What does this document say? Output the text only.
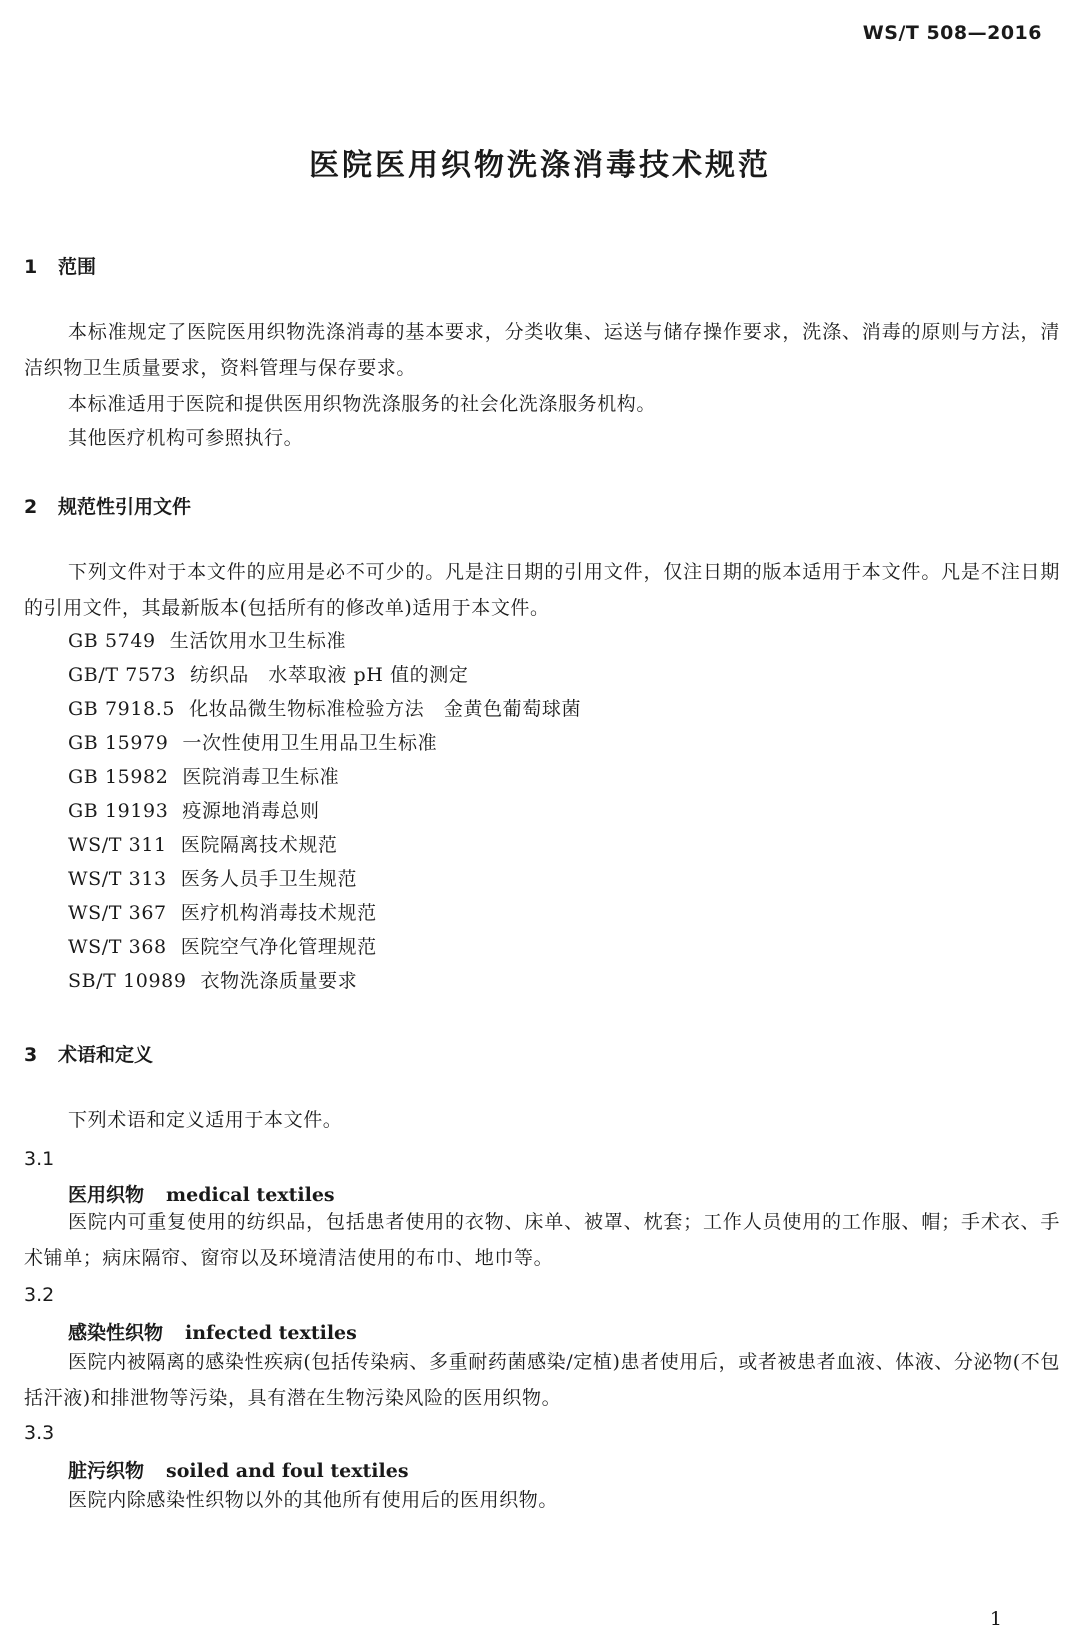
WS/T 508—2016
医院医用织物洗涤消毒技术规范
1 范围
本标准规定了医院医用织物洗涤消毒的基本要求，分类收集、运送与储存操作要求，洗涤、消毒的原则与方法，清洁织物卫生质量要求，资料管理与保存要求。
本标准适用于医院和提供医用织物洗涤服务的社会化洗涤服务机构。
其他医疗机构可参照执行。
2 规范性引用文件
下列文件对于本文件的应用是必不可少的。凡是注日期的引用文件，仅注日期的版本适用于本文件。凡是不注日期的引用文件，其最新版本(包括所有的修改单)适用于本文件。
GB 5749 生活饮用水卫生标准
GB/T 7573 纺织品　水萃取液 pH 值的测定
GB 7918.5 化妆品微生物标准检验方法　金黄色葡萄球菌
GB 15979 一次性使用卫生用品卫生标准
GB 15982 医院消毒卫生标准
GB 19193 疫源地消毒总则
WS/T 311 医院隔离技术规范
WS/T 313 医务人员手卫生规范
WS/T 367 医疗机构消毒技术规范
WS/T 368 医院空气净化管理规范
SB/T 10989 衣物洗涤质量要求
3 术语和定义
下列术语和定义适用于本文件。
3.1
医用织物 medical textiles
医院内可重复使用的纺织品，包括患者使用的衣物、床单、被罩、枕套；工作人员使用的工作服、帽；手术衣、手术铺单；病床隔帘、窗帘以及环境清洁使用的布巾、地巾等。
3.2
感染性织物 infected textiles
医院内被隔离的感染性疾病(包括传染病、多重耐药菌感染/定植)患者使用后，或者被患者血液、体液、分泌物(不包括汗液)和排泄物等污染，具有潜在生物污染风险的医用织物。
3.3
脏污织物 soiled and foul textiles
医院内除感染性织物以外的其他所有使用后的医用织物。
1
